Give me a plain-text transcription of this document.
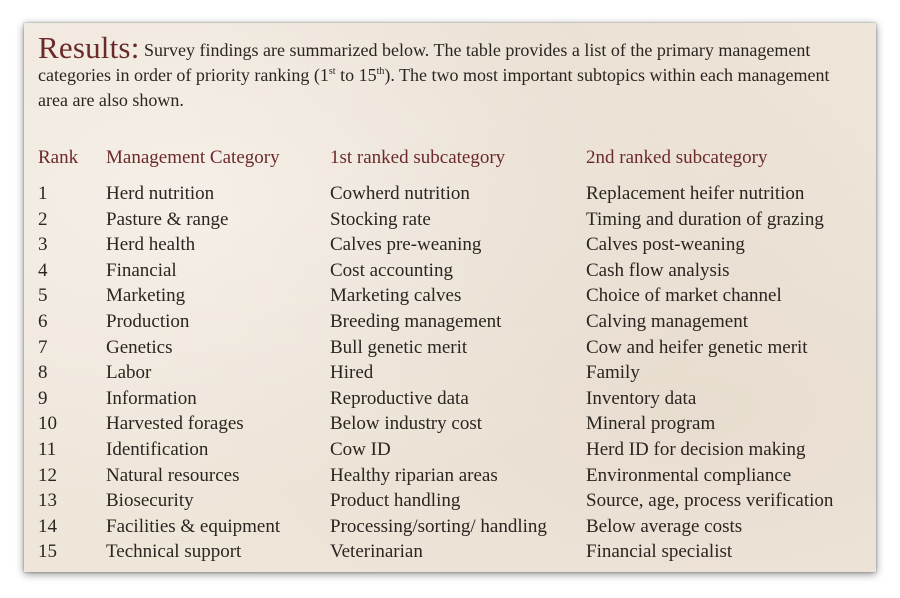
Results: Survey findings are summarized below. The table provides a list of the primary management categories in order of priority ranking (1st to 15th). The two most important subtopics within each management area are also shown.
Rank	Management Category	1st ranked subcategory	2nd ranked subcategory
1	Herd nutrition	Cowherd nutrition	Replacement heifer nutrition
2	Pasture & range	Stocking rate	Timing and duration of grazing
3	Herd health	Calves pre-weaning	Calves post-weaning
4	Financial	Cost accounting	Cash flow analysis
5	Marketing	Marketing calves	Choice of market channel
6	Production	Breeding management	Calving management
7	Genetics	Bull genetic merit	Cow and heifer genetic merit
8	Labor	Hired	Family
9	Information	Reproductive data	Inventory data
10	Harvested forages	Below industry cost	Mineral program
11	Identification	Cow ID	Herd ID for decision making
12	Natural resources	Healthy riparian areas	Environmental compliance
13	Biosecurity	Product handling	Source, age, process verification
14	Facilities & equipment	Processing/sorting/ handling	Below average costs
15	Technical support	Veterinarian	Financial specialist
